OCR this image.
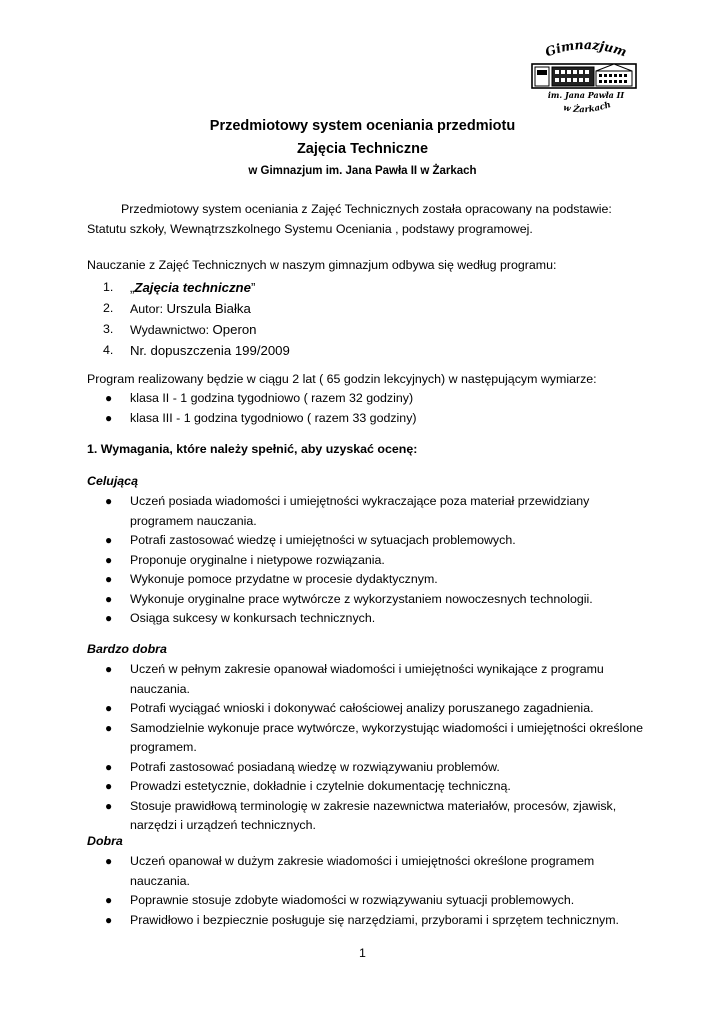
Gimnazjum
im. Jana Pawła II
w Żarkach
Przedmiotowy system oceniania przedmiotu
Zajęcia Techniczne
w Gimnazjum im. Jana Pawła II w Żarkach
Przedmiotowy system oceniania z Zajęć Technicznych została opracowany na podstawie: Statutu szkoły, Wewnątrzszkolnego Systemu Oceniania , podstawy programowej.
Nauczanie z Zajęć Technicznych w naszym gimnazjum odbywa się według programu:
1. „Zajęcia techniczne”
2. Autor: Urszula Białka
3. Wydawnictwo: Operon
4. Nr. dopuszczenia 199/2009
Program realizowany będzie w ciągu 2 lat ( 65 godzin lekcyjnych) w następującym wymiarze:
● klasa II - 1 godzina tygodniowo ( razem 32 godziny)
● klasa III - 1 godzina tygodniowo ( razem 33 godziny)
1. Wymagania, które należy spełnić, aby uzyskać ocenę:
Celującą
● Uczeń posiada wiadomości i umiejętności wykraczające poza materiał przewidziany programem nauczania.
● Potrafi zastosować wiedzę i umiejętności w sytuacjach problemowych.
● Proponuje oryginalne i nietypowe rozwiązania.
● Wykonuje pomoce przydatne w procesie dydaktycznym.
● Wykonuje oryginalne prace wytwórcze z wykorzystaniem nowoczesnych technologii.
● Osiąga sukcesy w konkursach technicznych.
Bardzo dobra
● Uczeń w pełnym zakresie opanował wiadomości i umiejętności wynikające z programu nauczania.
● Potrafi wyciągać wnioski i dokonywać całościowej analizy poruszanego zagadnienia.
● Samodzielnie wykonuje prace wytwórcze, wykorzystując wiadomości i umiejętności określone programem.
● Potrafi zastosować posiadaną wiedzę w rozwiązywaniu problemów.
● Prowadzi estetycznie, dokładnie i czytelnie dokumentację techniczną.
● Stosuje prawidłową terminologię w zakresie nazewnictwa materiałów, procesów, zjawisk, narzędzi i urządzeń technicznych.
Dobra
● Uczeń opanował w dużym zakresie wiadomości i umiejętności określone programem nauczania.
● Poprawnie stosuje zdobyte wiadomości w rozwiązywaniu sytuacji problemowych.
● Prawidłowo i bezpiecznie posługuje się narzędziami, przyborami i sprzętem technicznym.
1
